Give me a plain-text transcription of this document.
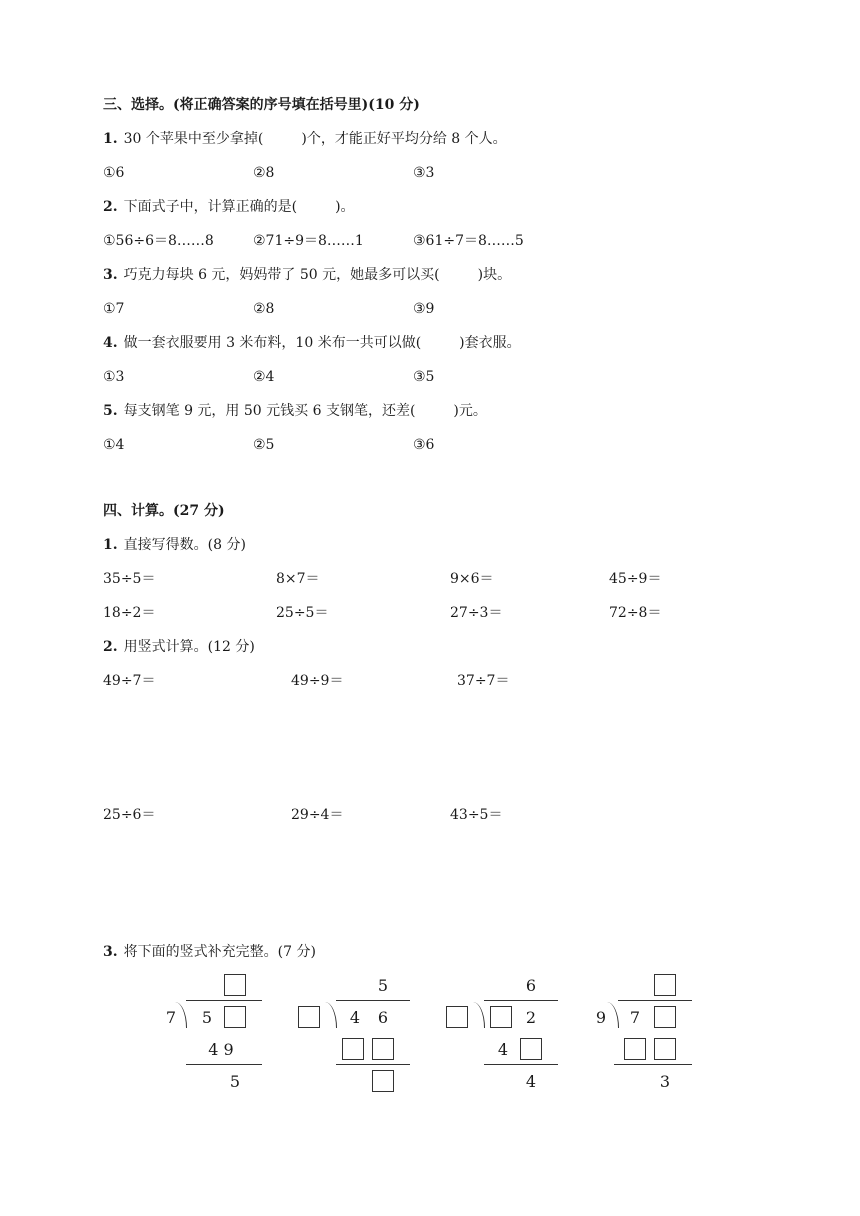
三、选择。(将正确答案的序号填在括号里)(10 分)
1. 30 个苹果中至少拿掉(	)个，才能正好平均分给 8 个人。
①6	②8	③3
2. 下面式子中，计算正确的是(	)。
①56÷6＝8……8	②71÷9＝8……1	③61÷7＝8……5
3. 巧克力每块 6 元，妈妈带了 50 元，她最多可以买(	)块。
①7	②8	③9
4. 做一套衣服要用 3 米布料，10 米布一共可以做(	)套衣服。
①3	②4	③5
5. 每支钢笔 9 元，用 50 元钱买 6 支钢笔，还差(	)元。
①4	②5	③6
四、计算。(27 分)
1. 直接写得数。(8 分)
35÷5＝	8×7＝	9×6＝	45÷9＝
18÷2＝	25÷5＝	27÷3＝	72÷8＝
2. 用竖式计算。(12 分)
49÷7＝	49÷9＝	37÷7＝
25÷6＝	29÷4＝	43÷5＝
3. 将下面的竖式补充完整。(7 分)
7	5
4 9
5
5
4	6
6
2
4
4
9	7
3
